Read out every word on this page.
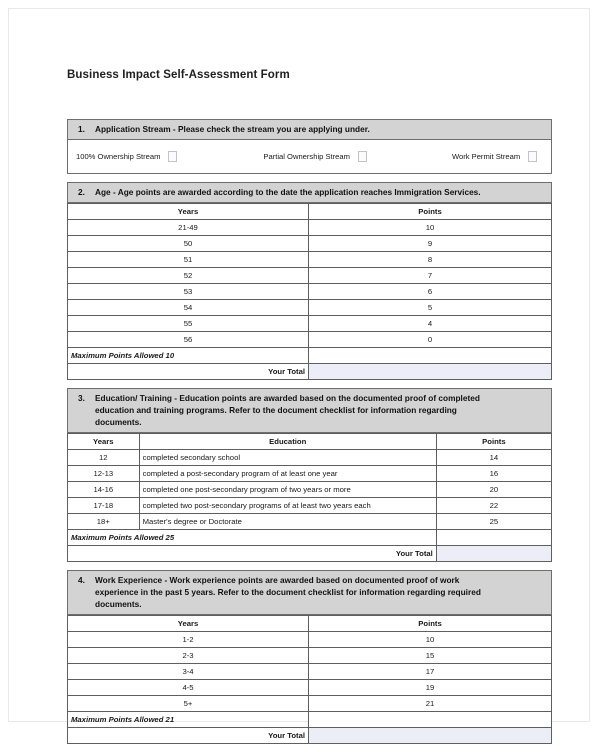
Business Impact Self-Assessment Form
1. Application Stream - Please check the stream you are applying under.
100% Ownership Stream	Partial Ownership Stream	Work Permit Stream
2. Age - Age points are awarded according to the date the application reaches Immigration Services.
Years	Points
21-49	10
50	9
51	8
52	7
53	6
54	5
55	4
56	0
Maximum Points Allowed 10	
Your Total	
3. Education/ Training - Education points are awarded based on the documented proof of completed
education and training programs. Refer to the document checklist for information regarding
documents.
Years	Education	Points
12	completed secondary school	14
12-13	completed a post-secondary program of at least one year	16
14-16	completed one post-secondary program of two years or more	20
17-18	completed two post-secondary programs of at least two years each	22
18+	Master's degree or Doctorate	25
Maximum Points Allowed 25		
Your Total		
4. Work Experience - Work experience points are awarded based on documented proof of work
experience in the past 5 years. Refer to the document checklist for information regarding required
documents.
Years	Points
1-2	10
2-3	15
3-4	17
4-5	19
5+	21
Maximum Points Allowed 21	
Your Total	
